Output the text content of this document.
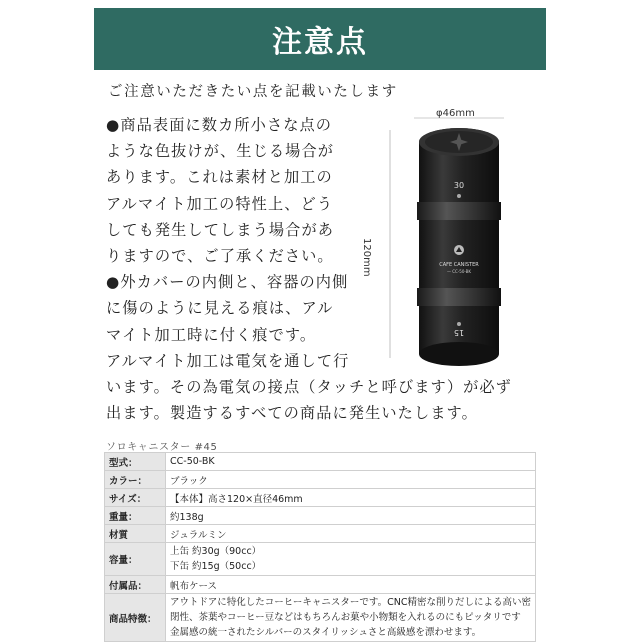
注意点
ご注意いただきたい点を記載いたします

●商品表面に数カ所小さな点の

ような色抜けが、生じる場合が

あります。これは素材と加工の

アルマイト加工の特性上、どう

しても発生してしまう場合があ

りますので、ご了承ください。

●外カバーの内側と、容器の内側

に傷のように見える痕は、アル

マイト加工時に付く痕です。

アルマイト加工は電気を通して行

います。その為電気の接点（タッチと呼びます）が必ず

出ます。製造するすべての商品に発生いたします。

φ46mm
120mm
30
CAFE CANISTER
— CC-50-BK
15
ソロキャニスター #45
型式：	CC-50-BK
カラー：	ブラック
サイズ：	【本体】高さ120×直径46mm
重量：	約138g
材質	ジュラルミン
容量：	上缶 約30g（90cc）
下缶 約15g（50cc）

付属品：	帆布ケース
商品特徴：	アウトドアに特化したコーヒーキャニスターです。CNC精密な削りだしによる高い密
閉性、茶葉やコーヒー豆などはもちろんお菓や小物類を入れるのにもピッタリです
金属感の統一されたシルバーのスタイリッシュさと高級感を漂わせます。
